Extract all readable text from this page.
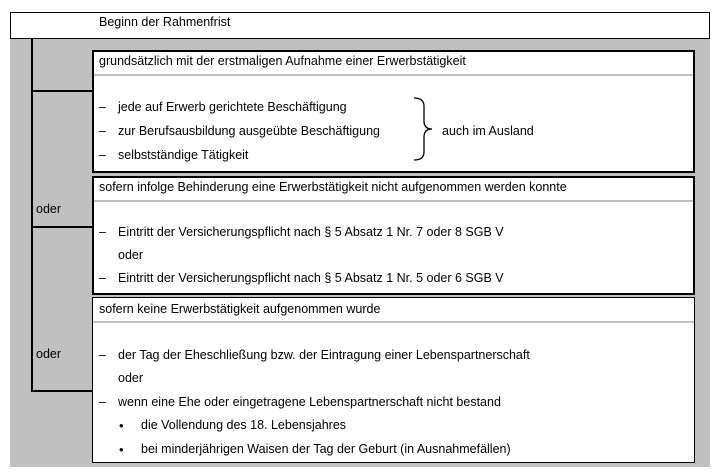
Beginn der Rahmenfrist
oder
oder
grundsätzlich mit der erstmaligen Aufnahme einer Erwerbstätigkeit
– jede auf Erwerb gerichtete Beschäftigung
– zur Berufsausbildung ausgeübte Beschäftigung
– selbstständige Tätigkeit
auch im Ausland
sofern infolge Behinderung eine Erwerbstätigkeit nicht aufgenommen werden konnte
– Eintritt der Versicherungspflicht nach § 5 Absatz 1 Nr. 7 oder 8 SGB V
oder
– Eintritt der Versicherungspflicht nach § 5 Absatz 1 Nr. 5 oder 6 SGB V
sofern keine Erwerbstätigkeit aufgenommen wurde
– der Tag der Eheschließung bzw. der Eintragung einer Lebenspartnerschaft
oder
– wenn eine Ehe oder eingetragene Lebenspartnerschaft nicht bestand
• die Vollendung des 18. Lebensjahres
• bei minderjährigen Waisen der Tag der Geburt (in Ausnahmefällen)
